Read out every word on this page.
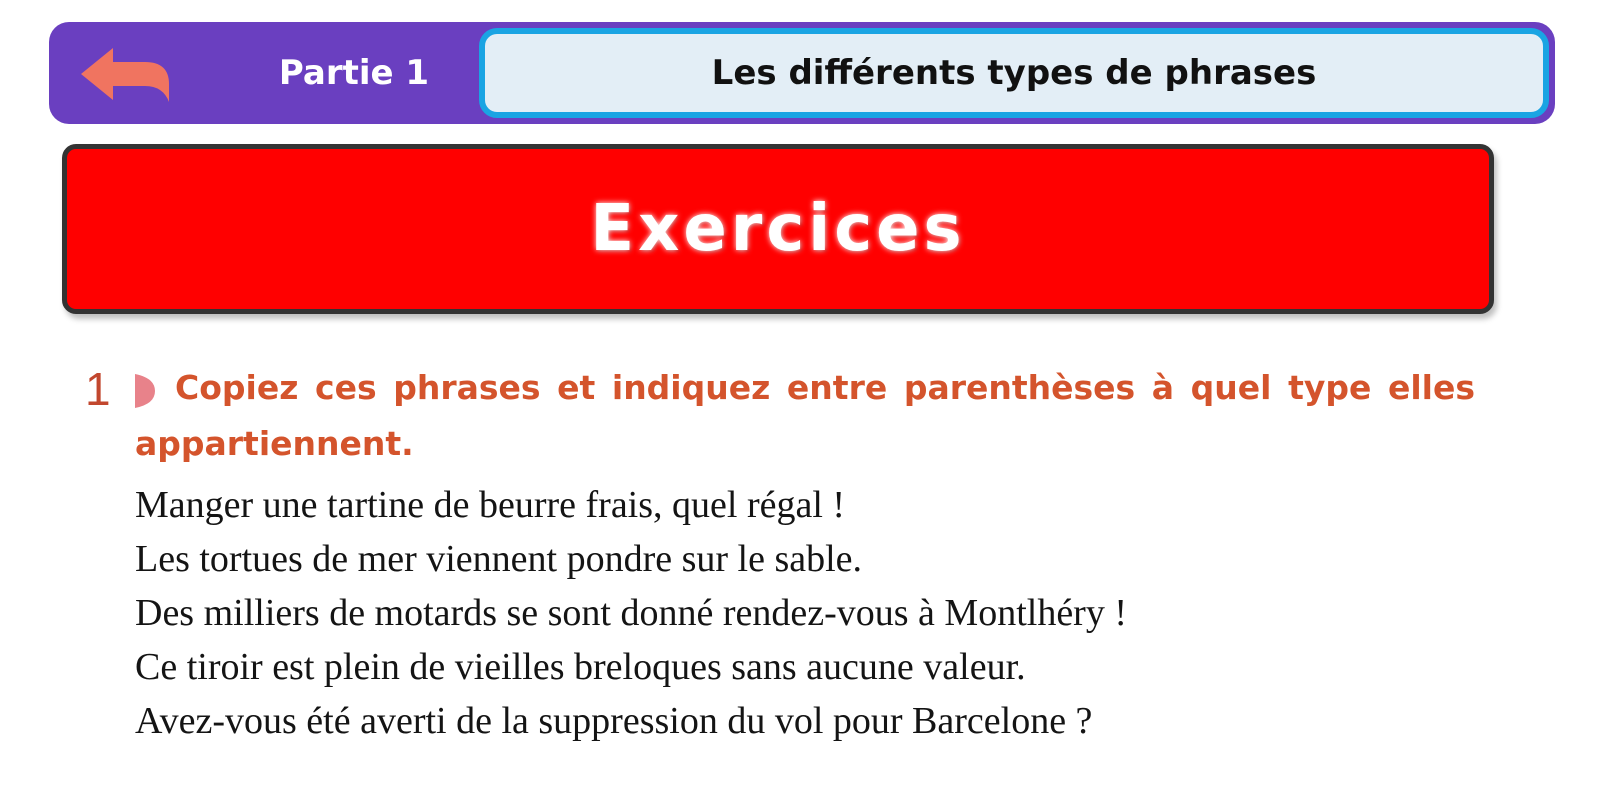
Partie 1	Les différents types de phrases
Exercices
1	Copiez ces phrases et indiquez entre parenthèses à quel type elles appartiennent.
Manger une tartine de beurre frais, quel régal !
Les tortues de mer viennent pondre sur le sable.
Des milliers de motards se sont donné rendez-vous à Montlhéry !
Ce tiroir est plein de vieilles breloques sans aucune valeur.
Avez-vous été averti de la suppression du vol pour Barcelone ?
